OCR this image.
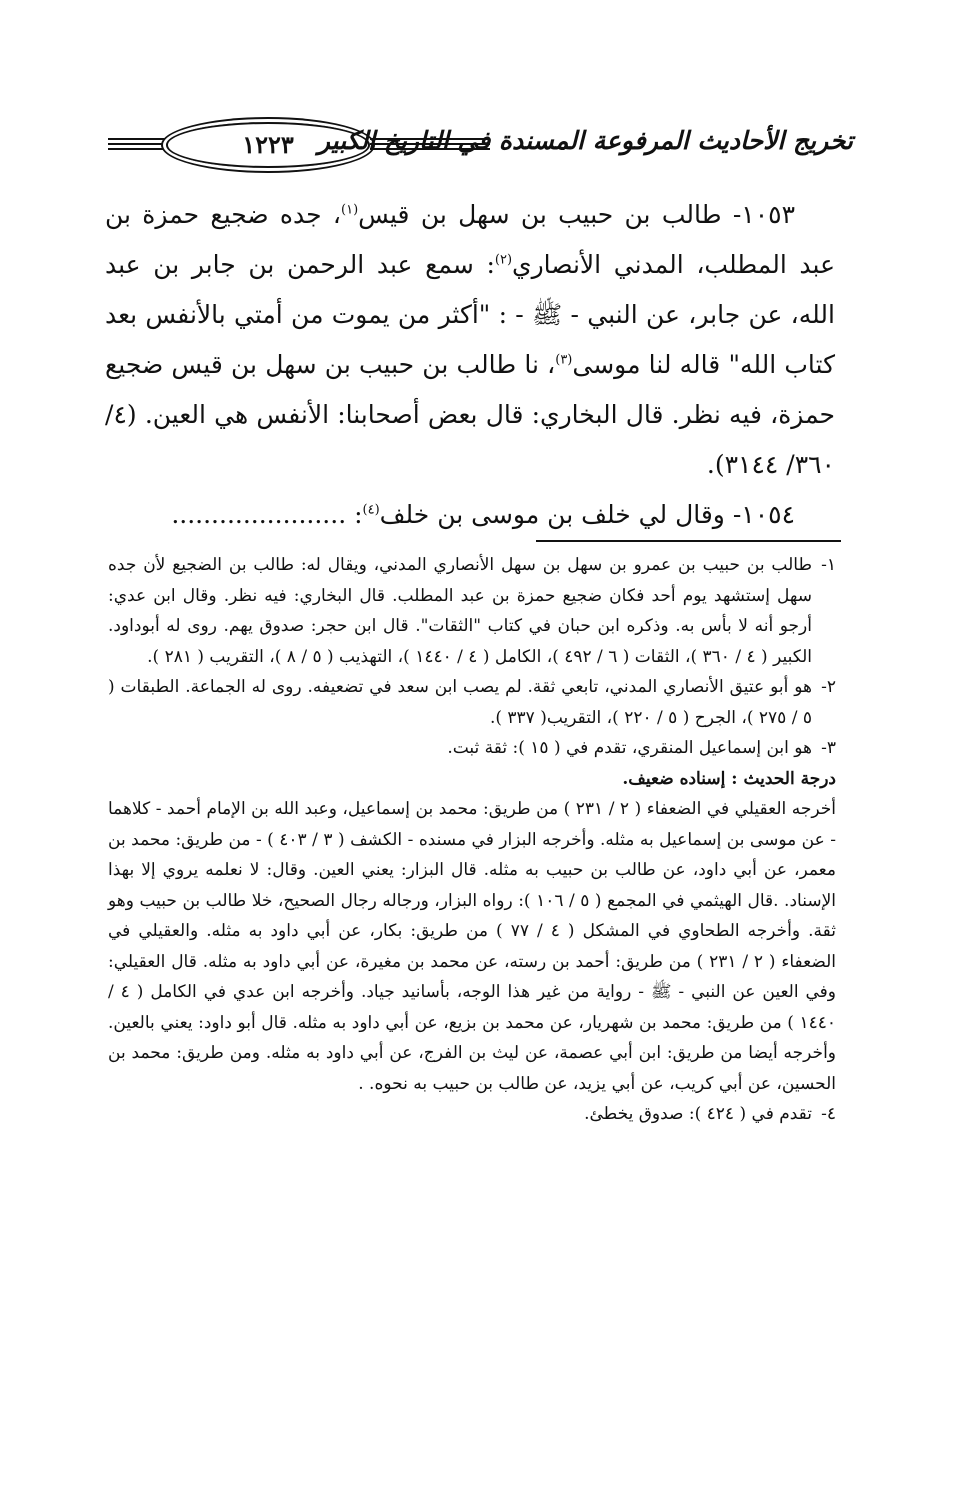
١٢٢٣ تخريج الأحاديث المرفوعة المسندة في التاريخ الكبير

١٠٥٣- طالب بن حبيب بن سهل بن قيس$^{(١)}$، جده ضجيع حمزة بن عبد المطلب، المدني الأنصاري$^{(٢)}$: سمع عبد الرحمن بن جابر بن عبد الله، عن جابر، عن النبي - ﷺ - : "أكثر من يموت من أمتي بالأنفس بعد كتاب الله" قاله لنا موسى$^{(٣)}$، نا طالب بن حبيب بن سهل بن قيس ضجيع حمزة، فيه نظر. قال البخاري: قال بعض أصحابنا: الأنفس هي العين. (٤/ ٣٦٠/ ٣١٤٤).

١٠٥٤- وقال لي خلف بن موسى بن خلف$^{(٤)}$: ......................

١-
طالب بن حبيب بن عمرو بن سهل بن سهل الأنصاري المدني، ويقال له: طالب بن الضجيع لأن جده سهل إستشهد يوم أحد فكان ضجيع حمزة بن عبد المطلب. قال البخاري: فيه نظر. وقال ابن عدي: أرجو أنه لا بأس به. وذكره ابن حبان في كتاب "الثقات". قال ابن حجر: صدوق يهم. روى له أبوداود. الكبير ( ٤ / ٣٦٠ )، الثقات ( ٦ / ٤٩٢ )، الكامل ( ٤ / ١٤٤٠ )، التهذيب ( ٥ / ٨ )، التقريب ( ٢٨١ ).

٢-
هو أبو عتيق الأنصاري المدني، تابعي ثقة. لم يصب ابن سعد في تضعيفه. روى له الجماعة. الطبقات ( ٥ / ٢٧٥ )، الجرح ( ٥ / ٢٢٠ )، التقريب( ٣٣٧ ).

٣-
هو ابن إسماعيل المنقري، تقدم في ( ١٥ ): ثقة ثبت.

درجة الحديث : إسناده ضعيف.

أخرجه العقيلي في الضعفاء ( ٢ / ٢٣١ ) من طريق: محمد بن إسماعيل، وعبد الله بن الإمام أحمد - كلاهما - عن موسى بن إسماعيل به مثله. وأخرجه البزار في مسنده - الكشف ( ٣ / ٤٠٣ ) - من طريق: محمد بن معمر، عن أبي داود، عن طالب بن حبيب به مثله. قال البزار: يعني العين. وقال: لا نعلمه يروي إلا بهذا الإسناد. .قال الهيثمي في المجمع ( ٥ / ١٠٦ ): رواه البزار، ورجاله رجال الصحيح، خلا طالب بن حبيب وهو ثقة. وأخرجه الطحاوي في المشكل ( ٤ / ٧٧ ) من طريق: بكار، عن أبي داود به مثله. والعقيلي في الضعفاء ( ٢ / ٢٣١ ) من طريق: أحمد بن رسته، عن محمد بن مغيرة، عن أبي داود به مثله. قال العقيلي: وفي العين عن النبي - ﷺ - رواية من غير هذا الوجه، بأسانيد جياد. وأخرجه ابن عدي في الكامل ( ٤ / ١٤٤٠ ) من طريق: محمد بن شهريار، عن محمد بن بزيع، عن أبي داود به مثله. قال أبو داود: يعني بالعين. وأخرجه أيضا من طريق: ابن أبي عصمة، عن ليث بن الفرج، عن أبي داود به مثله. ومن طريق: محمد بن الحسين، عن أبي كريب، عن أبي يزيد، عن طالب بن حبيب به نحوه. .

٤-
تقدم في ( ٤٢٤ ): صدوق يخطئ.
